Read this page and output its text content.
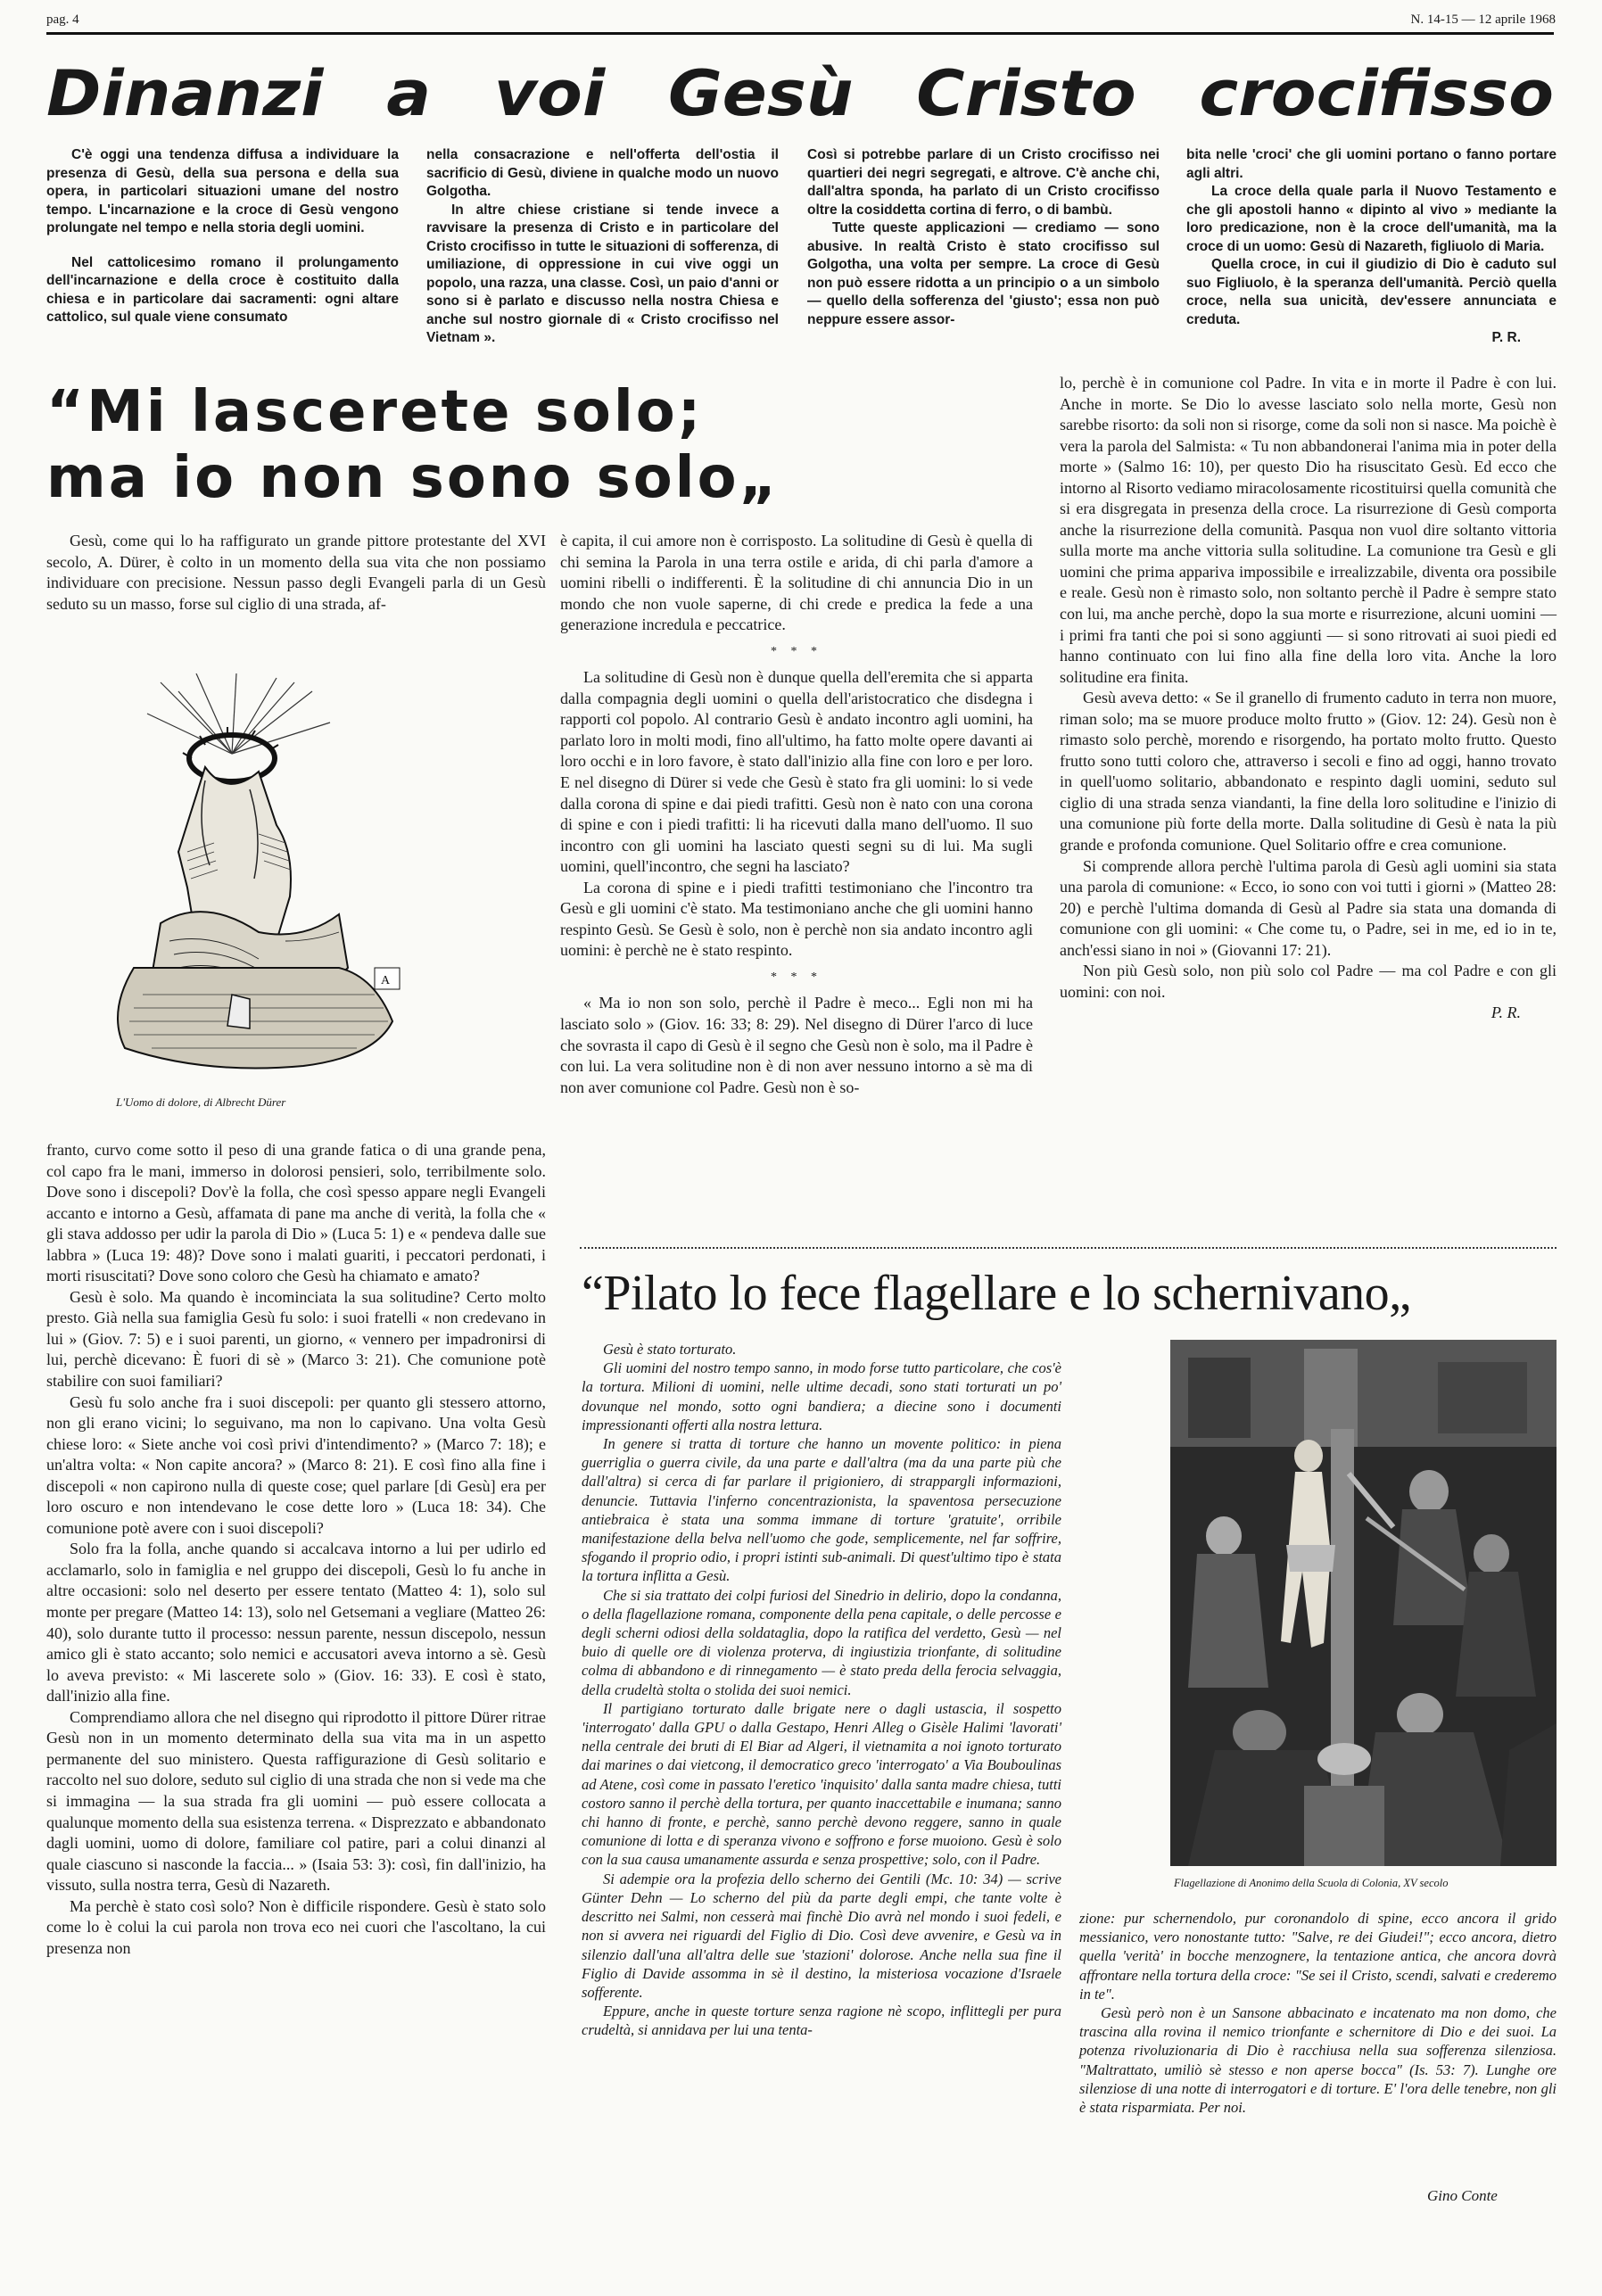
pag. 4	N. 14-15 — 12 aprile 1968
Dinanzi a voi Gesù Cristo crocifisso

C'è oggi una tendenza diffusa a individuare la presenza di Gesù, della sua persona e della sua opera, in particolari situazioni umane del nostro tempo. L'incarnazione e la croce di Gesù vengono prolungate nel tempo e nella storia degli uomini.

Nel cattolicesimo romano il prolungamento dell'incarnazione e della croce è costituito dalla chiesa e in particolare dai sacramenti: ogni altare cattolico, sul quale viene consumato

nella consacrazione e nell'offerta dell'ostia il sacrificio di Gesù, diviene in qualche modo un nuovo Golgotha.

In altre chiese cristiane si tende invece a ravvisare la presenza di Cristo e in particolare del Cristo crocifisso in tutte le situazioni di sofferenza, di umiliazione, di oppressione in cui vive oggi un popolo, una razza, una classe. Così, un paio d'anni or sono si è parlato e discusso nella nostra Chiesa e anche sul nostro giornale di « Cristo crocifisso nel Vietnam ».

Così si potrebbe parlare di un Cristo crocifisso nei quartieri dei negri segregati, e altrove. C'è anche chi, dall'altra sponda, ha parlato di un Cristo crocifisso oltre la cosiddetta cortina di ferro, o di bambù.

Tutte queste applicazioni — crediamo — sono abusive. In realtà Cristo è stato crocifisso sul Golgotha, una volta per sempre. La croce di Gesù non può essere ridotta a un principio o a un simbolo — quello della sofferenza del 'giusto'; essa non può neppure essere assor-

bita nelle 'croci' che gli uomini portano o fanno portare agli altri.

La croce della quale parla il Nuovo Testamento e che gli apostoli hanno « dipinto al vivo » mediante la loro predicazione, non è la croce dell'umanità, ma la croce di un uomo: Gesù di Nazareth, figliuolo di Maria.

Quella croce, in cui il giudizio di Dio è caduto sul suo Figliuolo, è la speranza dell'umanità. Perciò quella croce, nella sua unicità, dev'essere annunciata e creduta.

P. R.
“Mi lascerete solo;
ma io non sono solo„

Gesù, come qui lo ha raffigurato un grande pittore protestante del XVI secolo, A. Dürer, è colto in un momento della sua vita che non possiamo individuare con precisione. Nessun passo degli Evangeli parla di un Gesù seduto su un masso, forse sul ciglio di una strada, af-

A
L'Uomo di dolore, di Albrecht Dürer

franto, curvo come sotto il peso di una grande fatica o di una grande pena, col capo fra le mani, immerso in dolorosi pensieri, solo, terribilmente solo. Dove sono i discepoli? Dov'è la folla, che così spesso appare negli Evangeli accanto e intorno a Gesù, affamata di pane ma anche di verità, la folla che « gli stava addosso per udir la parola di Dio » (Luca 5: 1) e « pendeva dalle sue labbra » (Luca 19: 48)? Dove sono i malati guariti, i peccatori perdonati, i morti risuscitati? Dove sono coloro che Gesù ha chiamato e amato?

Gesù è solo. Ma quando è incominciata la sua solitudine? Certo molto presto. Già nella sua famiglia Gesù fu solo: i suoi fratelli « non credevano in lui » (Giov. 7: 5) e i suoi parenti, un giorno, « vennero per impadronirsi di lui, perchè dicevano: È fuori di sè » (Marco 3: 21). Che comunione potè stabilire con suoi familiari?

Gesù fu solo anche fra i suoi discepoli: per quanto gli stessero attorno, non gli erano vicini; lo seguivano, ma non lo capivano. Una volta Gesù chiese loro: « Siete anche voi così privi d'intendimento? » (Marco 7: 18); e un'altra volta: « Non capite ancora? » (Marco 8: 21). E così fino alla fine i discepoli « non capirono nulla di queste cose; quel parlare [di Gesù] era per loro oscuro e non intendevano le cose dette loro » (Luca 18: 34). Che comunione potè avere con i suoi discepoli?

Solo fra la folla, anche quando si accalcava intorno a lui per udirlo ed acclamarlo, solo in famiglia e nel gruppo dei discepoli, Gesù lo fu anche in altre occasioni: solo nel deserto per essere tentato (Matteo 4: 1), solo sul monte per pregare (Matteo 14: 13), solo nel Getsemani a vegliare (Matteo 26: 40), solo durante tutto il processo: nessun parente, nessun discepolo, nessun amico gli è stato accanto; solo nemici e accusatori aveva intorno a sè. Gesù lo aveva previsto: « Mi lascerete solo » (Giov. 16: 33). E così è stato, dall'inizio alla fine.

Comprendiamo allora che nel disegno qui riprodotto il pittore Dürer ritrae Gesù non in un momento determinato della sua vita ma in un aspetto permanente del suo ministero. Questa raffigurazione di Gesù solitario e raccolto nel suo dolore, seduto sul ciglio di una strada che non si vede ma che si immagina — la sua strada fra gli uomini — può essere collocata a qualunque momento della sua esistenza terrena. « Disprezzato e abbandonato dagli uomini, uomo di dolore, familiare col patire, pari a colui dinanzi al quale ciascuno si nasconde la faccia... » (Isaia 53: 3): così, fin dall'inizio, ha vissuto, sulla nostra terra, Gesù di Nazareth.

Ma perchè è stato così solo? Non è difficile rispondere. Gesù è stato solo come lo è colui la cui parola non trova eco nei cuori che l'ascoltano, la cui presenza non

è capita, il cui amore non è corrisposto. La solitudine di Gesù è quella di chi semina la Parola in una terra ostile e arida, di chi parla d'amore a uomini ribelli o indifferenti. È la solitudine di chi annuncia Dio in un mondo che non vuole saperne, di chi crede e predica la fede a una generazione incredula e peccatrice.

* * *

La solitudine di Gesù non è dunque quella dell'eremita che si apparta dalla compagnia degli uomini o quella dell'aristocratico che disdegna i rapporti col popolo. Al contrario Gesù è andato incontro agli uomini, ha parlato loro in molti modi, fino all'ultimo, ha fatto molte opere davanti ai loro occhi e in loro favore, è stato dall'inizio alla fine con loro e per loro. E nel disegno di Dürer si vede che Gesù è stato fra gli uomini: lo si vede dalla corona di spine e dai piedi trafitti. Gesù non è nato con una corona di spine e con i piedi trafitti: li ha ricevuti dalla mano dell'uomo. Il suo incontro con gli uomini ha lasciato questi segni su di lui. Ma sugli uomini, quell'incontro, che segni ha lasciato?

La corona di spine e i piedi trafitti testimoniano che l'incontro tra Gesù e gli uomini c'è stato. Ma testimoniano anche che gli uomini hanno respinto Gesù. Se Gesù è solo, non è perchè non sia andato incontro agli uomini: è perchè ne è stato respinto.

* * *

« Ma io non son solo, perchè il Padre è meco... Egli non mi ha lasciato solo » (Giov. 16: 33; 8: 29). Nel disegno di Dürer l'arco di luce che sovrasta il capo di Gesù è il segno che Gesù non è solo, ma il Padre è con lui. La vera solitudine non è di non aver nessuno intorno a sè ma di non aver comunione col Padre. Gesù non è so-

lo, perchè è in comunione col Padre. In vita e in morte il Padre è con lui. Anche in morte. Se Dio lo avesse lasciato solo nella morte, Gesù non sarebbe risorto: da soli non si risorge, come da soli non si nasce. Ma poichè è vera la parola del Salmista: « Tu non abbandonerai l'anima mia in poter della morte » (Salmo 16: 10), per questo Dio ha risuscitato Gesù. Ed ecco che intorno al Risorto vediamo miracolosamente ricostituirsi quella comunità che si era disgregata in presenza della croce. La risurrezione di Gesù comporta anche la risurrezione della comunità. Pasqua non vuol dire soltanto vittoria sulla morte ma anche vittoria sulla solitudine. La comunione tra Gesù e gli uomini che prima appariva impossibile e irrealizzabile, diventa ora possibile e reale. Gesù non è rimasto solo, non soltanto perchè il Padre è sempre stato con lui, ma anche perchè, dopo la sua morte e risurrezione, alcuni uomini — i primi fra tanti che poi si sono aggiunti — si sono ritrovati ai suoi piedi ed hanno continuato con lui fino alla fine della loro vita. Anche la loro solitudine era finita.

Gesù aveva detto: « Se il granello di frumento caduto in terra non muore, riman solo; ma se muore produce molto frutto » (Giov. 12: 24). Gesù non è rimasto solo perchè, morendo e risorgendo, ha portato molto frutto. Questo frutto sono tutti coloro che, attraverso i secoli e fino ad oggi, hanno trovato in quell'uomo solitario, abbandonato e respinto dagli uomini, seduto sul ciglio di una strada senza viandanti, la fine della loro solitudine e l'inizio di una comunione più forte della morte. Dalla solitudine di Gesù è nata la più grande e profonda comunione. Quel Solitario offre e crea comunione.

Si comprende allora perchè l'ultima parola di Gesù agli uomini sia stata una parola di comunione: « Ecco, io sono con voi tutti i giorni » (Matteo 28: 20) e perchè l'ultima domanda di Gesù al Padre sia stata una domanda di comunione con gli uomini: « Che come tu, o Padre, sei in me, ed io in te, anch'essi siano in noi » (Giovanni 17: 21).

Non più Gesù solo, non più solo col Padre — ma col Padre e con gli uomini: con noi.

P. R.
“Pilato lo fece flagellare e lo schernivano„

Gesù è stato torturato.

Gli uomini del nostro tempo sanno, in modo forse tutto particolare, che cos'è la tortura. Milioni di uomini, nelle ultime decadi, sono stati torturati un po' dovunque nel mondo, sotto ogni bandiera; a diecine sono i documenti impressionanti offerti alla nostra lettura.

In genere si tratta di torture che hanno un movente politico: in piena guerriglia o guerra civile, da una parte e dall'altra (ma da una parte più che dall'altra) si cerca di far parlare il prigioniero, di strappargli informazioni, denuncie. Tuttavia l'inferno concentrazionista, la spaventosa persecuzione antiebraica è stata una somma immane di torture 'gratuite', orribile manifestazione della belva nell'uomo che gode, semplicemente, nel far soffrire, sfogando il proprio odio, i propri istinti sub-animali. Di quest'ultimo tipo è stata la tortura inflitta a Gesù.

Che si sia trattato dei colpi furiosi del Sinedrio in delirio, dopo la condanna, o della flagellazione romana, componente della pena capitale, o delle percosse e degli scherni odiosi della soldataglia, dopo la ratifica del verdetto, Gesù — nel buio di quelle ore di violenza proterva, di ingiustizia trionfante, di solitudine colma di abbandono e di rinnegamento — è stato preda della ferocia selvaggia, della crudeltà stolta o stolida dei suoi nemici.

Il partigiano torturato dalle brigate nere o dagli ustascia, il sospetto 'interrogato' dalla GPU o dalla Gestapo, Henri Alleg o Gisèle Halimi 'lavorati' nella centrale dei bruti di El Biar ad Algeri, il vietnamita a noi ignoto torturato dai marines o dai vietcong, il democratico greco 'interrogato' a Via Bouboulinas ad Atene, così come in passato l'eretico 'inquisito' dalla santa madre chiesa, tutti costoro sanno il perchè della tortura, per quanto inaccettabile e inumana; sanno chi hanno di fronte, e perchè, sanno perchè devono reggere, sanno in quale comunione di lotta e di speranza vivono e soffrono e forse muoiono. Gesù è solo con la sua causa umanamente assurda e senza prospettive; solo, con il Padre.

Si adempie ora la profezia dello scherno dei Gentili (Mc. 10: 34) — scrive Günter Dehn — Lo scherno del più da parte degli empi, che tante volte è descritto nei Salmi, non cesserà mai finchè Dio avrà nel mondo i suoi fedeli, e non si avvera nei riguardi del Figlio di Dio. Così deve avvenire, e Gesù va in silenzio dall'una all'altra delle sue 'stazioni' dolorose. Anche nella sua fine il Figlio di Davide assomma in sè il destino, la misteriosa vocazione d'Israele sofferente.

Eppure, anche in queste torture senza ragione nè scopo, inflittegli per pura crudeltà, si annidava per lui una tenta-

Flagellazione di Anonimo della Scuola di Colonia, XV secolo

zione: pur schernendolo, pur coronandolo di spine, ecco ancora il grido messianico, vero nonostante tutto: "Salve, re dei Giudei!"; ecco ancora, dietro quella 'verità' in bocche menzognere, la tentazione antica, che ancora dovrà affrontare nella tortura della croce: "Se sei il Cristo, scendi, salvati e crederemo in te".

Gesù però non è un Sansone abbacinato e incatenato ma non domo, che trascina alla rovina il nemico trionfante e schernitore di Dio e dei suoi. La potenza rivoluzionaria di Dio è racchiusa nella sua sofferenza silenziosa. "Maltrattato, umiliò sè stesso e non aperse bocca" (Is. 53: 7). Lunghe ore silenziose di una notte di interrogatori e di torture. E' l'ora delle tenebre, non gli è stata risparmiata. Per noi.

Gino Conte
